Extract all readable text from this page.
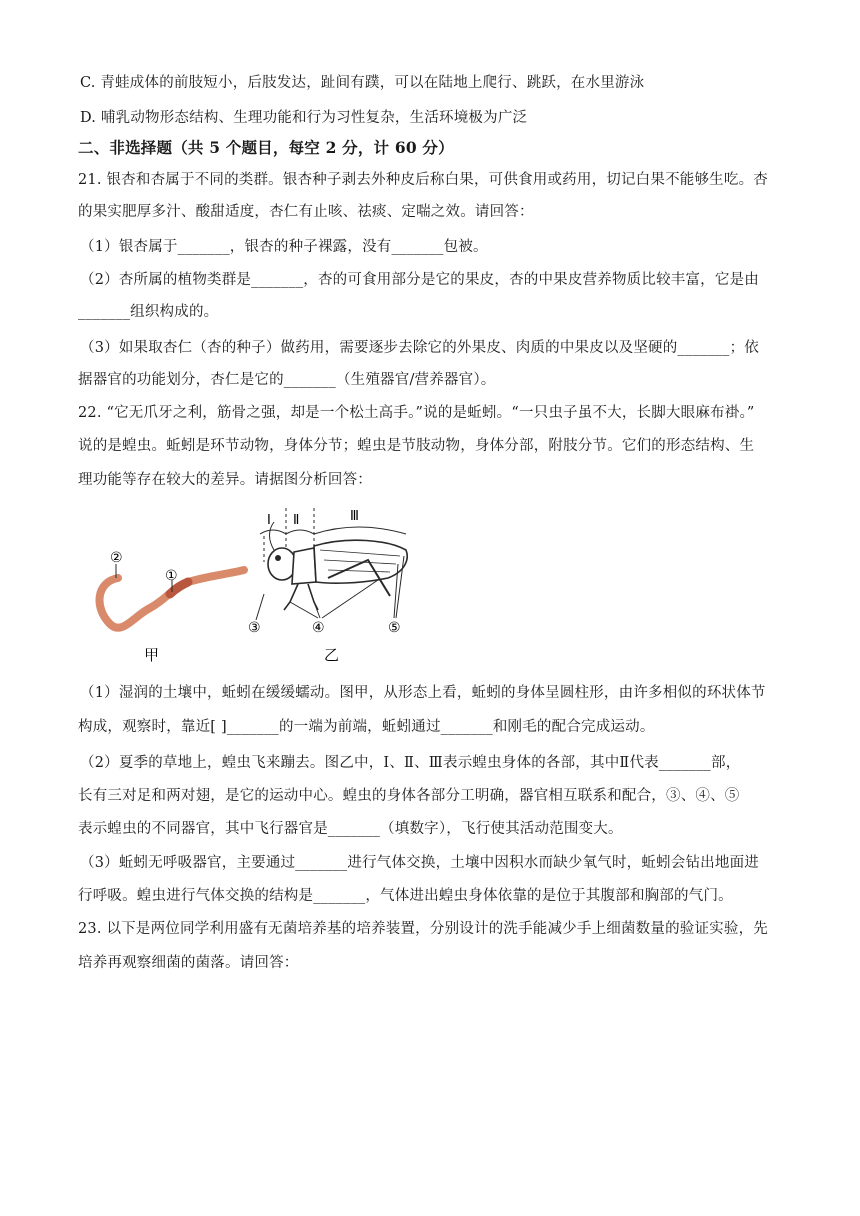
C. 青蛙成体的前肢短小，后肢发达，趾间有蹼，可以在陆地上爬行、跳跃，在水里游泳
D. 哺乳动物形态结构、生理功能和行为习性复杂，生活环境极为广泛
二、非选择题（共 5 个题目，每空 2 分，计 60 分）
21. 银杏和杏属于不同的类群。银杏种子剥去外种皮后称白果，可供食用或药用，切记白果不能够生吃。杏
的果实肥厚多汁、酸甜适度，杏仁有止咳、祛痰、定喘之效。请回答：
（1）银杏属于_______，银杏的种子裸露，没有_______包被。
（2）杏所属的植物类群是_______，杏的可食用部分是它的果皮，杏的中果皮营养物质比较丰富，它是由
_______组织构成的。
（3）如果取杏仁（杏的种子）做药用，需要逐步去除它的外果皮、肉质的中果皮以及坚硬的_______；依
据器官的功能划分，杏仁是它的_______（生殖器官/营养器官）。
22. “它无爪牙之利，筋骨之强，却是一个松土高手。”说的是蚯蚓。“一只虫子虽不大，长脚大眼麻布褂。”
说的是蝗虫。蚯蚓是环节动物，身体分节；蝗虫是节肢动物，身体分部，附肢分节。它们的形态结构、生
理功能等存在较大的差异。请据图分析回答：
②
①
甲
Ⅰ Ⅱ	Ⅲ
③	④	⑤
乙
（1）湿润的土壤中，蚯蚓在缓缓蠕动。图甲，从形态上看，蚯蚓的身体呈圆柱形，由许多相似的环状体节
构成，观察时，靠近[ ]_______的一端为前端，蚯蚓通过_______和刚毛的配合完成运动。
（2）夏季的草地上，蝗虫飞来蹦去。图乙中，Ⅰ、Ⅱ、Ⅲ表示蝗虫身体的各部，其中Ⅱ代表_______部，
长有三对足和两对翅，是它的运动中心。蝗虫的身体各部分工明确，器官相互联系和配合，③、④、⑤
表示蝗虫的不同器官，其中飞行器官是_______（填数字），飞行使其活动范围变大。
（3）蚯蚓无呼吸器官，主要通过_______进行气体交换，土壤中因积水而缺少氧气时，蚯蚓会钻出地面进
行呼吸。蝗虫进行气体交换的结构是_______，气体进出蝗虫身体依靠的是位于其腹部和胸部的气门。
23. 以下是两位同学利用盛有无菌培养基的培养装置，分别设计的洗手能减少手上细菌数量的验证实验，先
培养再观察细菌的菌落。请回答：
